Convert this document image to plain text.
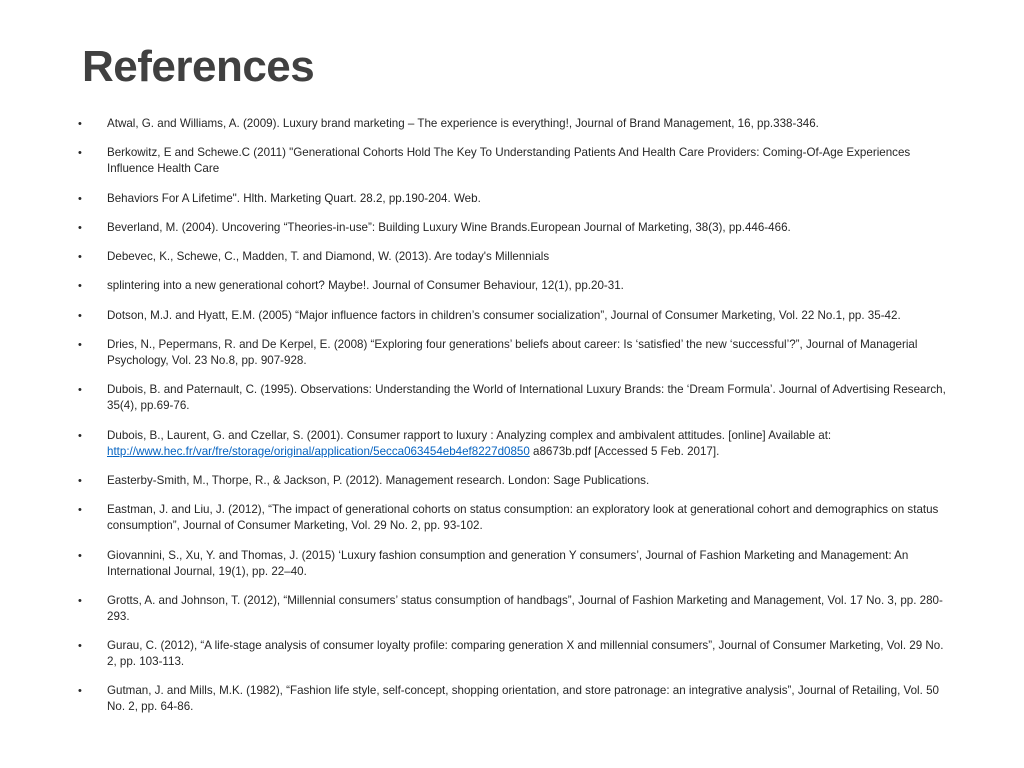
References
• Atwal, G. and Williams, A. (2009). Luxury brand marketing – The experience is everything!, Journal of Brand Management, 16, pp.338-346.
• Berkowitz, E and Schewe.C (2011) "Generational Cohorts Hold The Key To Understanding Patients And Health Care Providers: Coming-Of-Age Experiences Influence Health Care
• Behaviors For A Lifetime". Hlth. Marketing Quart. 28.2, pp.190-204. Web.
• Beverland, M. (2004). Uncovering “Theories-in-use”: Building Luxury Wine Brands.European Journal of Marketing, 38(3), pp.446-466.
• Debevec, K., Schewe, C., Madden, T. and Diamond, W. (2013). Are today's Millennials
• splintering into a new generational cohort? Maybe!. Journal of Consumer Behaviour, 12(1), pp.20-31.
• Dotson, M.J. and Hyatt, E.M. (2005) “Major influence factors in children’s consumer socialization”, Journal of Consumer Marketing, Vol. 22 No.1, pp. 35-42.
• Dries, N., Pepermans, R. and De Kerpel, E. (2008) “Exploring four generations’ beliefs about career: Is ‘satisfied’ the new ‘successful’?”, Journal of Managerial Psychology, Vol. 23 No.8, pp. 907-928.
• Dubois, B. and Paternault, C. (1995). Observations: Understanding the World of International Luxury Brands: the ‘Dream Formula’. Journal of Advertising Research, 35(4), pp.69-76.
• Dubois, B., Laurent, G. and Czellar, S. (2001). Consumer rapport to luxury : Analyzing complex and ambivalent attitudes. [online] Available at: http://www.hec.fr/var/fre/storage/original/application/5ecca063454eb4ef8227d0850 a8673b.pdf [Accessed 5 Feb. 2017].
• Easterby-Smith, M., Thorpe, R., & Jackson, P. (2012). Management research. London: Sage Publications.
• Eastman, J. and Liu, J. (2012), “The impact of generational cohorts on status consumption: an exploratory look at generational cohort and demographics on status consumption”, Journal of Consumer Marketing, Vol. 29 No. 2, pp. 93-102.
• Giovannini, S., Xu, Y. and Thomas, J. (2015) ‘Luxury fashion consumption and generation Y consumers’, Journal of Fashion Marketing and Management: An International Journal, 19(1), pp. 22–40.
• Grotts, A. and Johnson, T. (2012), “Millennial consumers’ status consumption of handbags”, Journal of Fashion Marketing and Management, Vol. 17 No. 3, pp. 280-293.
• Gurau, C. (2012), “A life-stage analysis of consumer loyalty profile: comparing generation X and millennial consumers”, Journal of Consumer Marketing, Vol. 29 No. 2, pp. 103-113.
• Gutman, J. and Mills, M.K. (1982), “Fashion life style, self-concept, shopping orientation, and store patronage: an integrative analysis”, Journal of Retailing, Vol. 50 No. 2, pp. 64-86.
